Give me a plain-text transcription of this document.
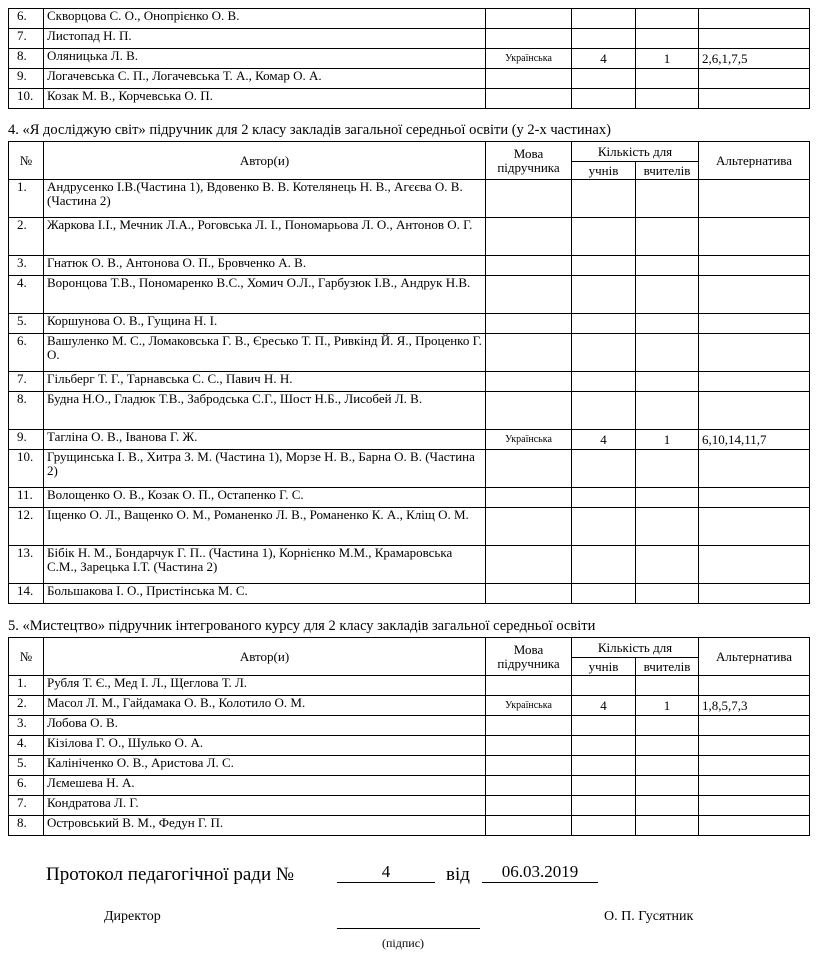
6.	Скворцова С. О., Онопрієнко О. В.				
7.	Листопад Н. П.				
8.	Оляницька Л. В.	Українська	4	1	2,6,1,7,5
9.	Логачевська С. П., Логачевська Т. А., Комар О. А.				
10.	Козак М. В., Корчевська О. П.				
4. «Я досліджую світ» підручник для 2 класу закладів загальної середньої освіти (у 2-х частинах)
№	Автор(и)	Мова підручника	Кількість для		Альтернатива
			учнів	вчителів	
1.	Андрусенко І.В.(Частина 1), Вдовенко В. В. Котелянець Н. В., Агєєва О. В. (Частина 2)				
2.	Жаркова І.І., Мечник Л.А., Роговська Л. І., Пономарьова Л. О., Антонов О. Г.				
3.	Гнатюк О. В., Антонова О. П., Бровченко А. В.				
4.	Воронцова Т.В., Пономаренко В.С., Хомич О.Л., Гарбузюк І.В., Андрук Н.В.				
5.	Коршунова О. В., Гущина Н. І.				
6.	Вашуленко М. С., Ломаковська Г. В., Єресько Т. П., Ривкінд Й. Я., Проценко Г. О.				
7.	Гільберг Т. Г., Тарнавська С. С., Павич Н. Н.				
8.	Будна Н.О., Гладюк Т.В., Забродська С.Г., Шост Н.Б., Лисобей Л. В.				
9.	Тагліна О. В., Іванова Г. Ж.	Українська	4	1	6,10,14,11,7
10.	Грущинська І. В., Хитра З. М. (Частина 1), Морзе Н. В., Барна О. В. (Частина 2)				
11.	Волощенко О. В., Козак О. П., Остапенко Г. С.				
12.	Іщенко О. Л., Ващенко О. М., Романенко Л. В., Романенко К. А., Кліщ О. М.				
13.	Бібік Н. М., Бондарчук Г. П.. (Частина 1), Корнієнко М.М., Крамаровська С.М., Зарецька І.Т. (Частина 2)				
14.	Большакова І. О., Пристінська М. С.				
5. «Мистецтво» підручник інтегрованого курсу для 2 класу закладів загальної середньої освіти
№	Автор(и)	Мова підручника	Кількість для		Альтернатива
			учнів	вчителів	
1.	Рубля Т. Є., Мед І. Л., Щеглова Т. Л.				
2.	Масол Л. М., Гайдамака О. В., Колотило О. М.	Українська	4	1	1,8,5,7,3
3.	Лобова О. В.				
4.	Кізілова Г. О., Шулько О. А.				
5.	Калініченко О. В., Аристова Л. С.				
6.	Лємешева Н. А.				
7.	Кондратова Л. Г.				
8.	Островський В. М., Федун Г. П.				
Протокол педагогічної ради №	4	від	06.03.2019
Директор
(підпис)
О. П. Гусятник
